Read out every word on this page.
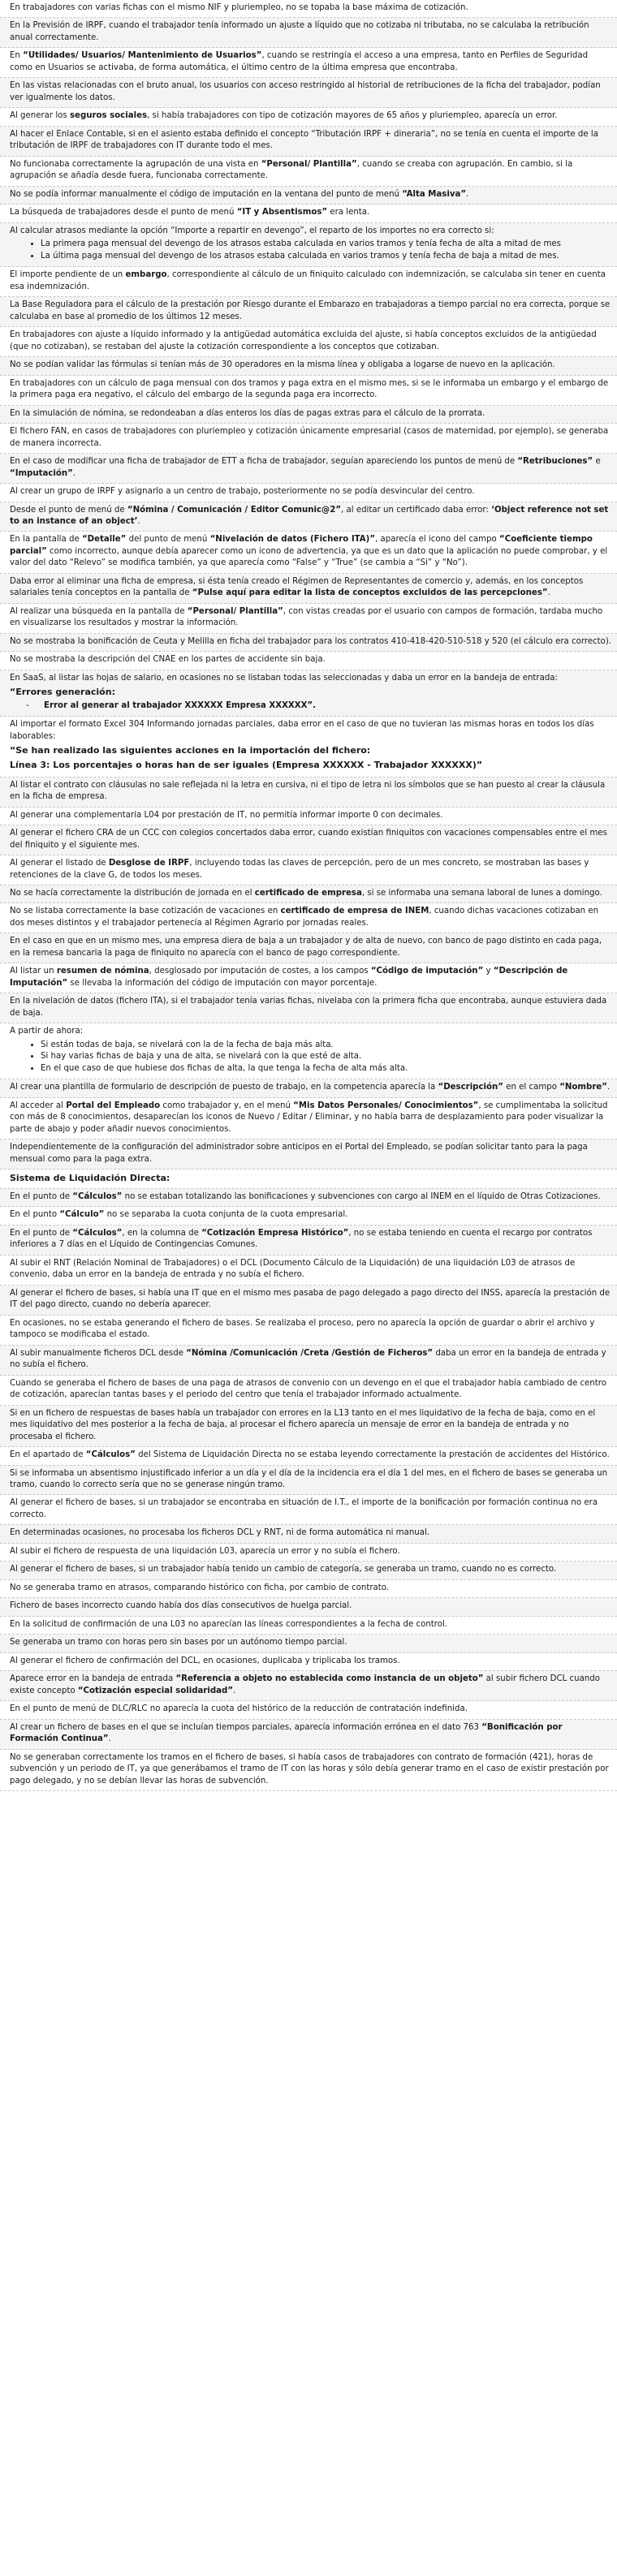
En trabajadores con varias fichas con el mismo NIF y pluriempleo, no se topaba la base máxima de cotización.

En la Previsión de IRPF, cuando el trabajador tenía informado un ajuste a líquido que no cotizaba ni tributaba, no se calculaba la retribución anual correctamente.

En “Utilidades/ Usuarios/ Mantenimiento de Usuarios”, cuando se restringía el acceso a una empresa, tanto en Perfiles de Seguridad como en Usuarios se activaba, de forma automática, el último centro de la última empresa que encontraba.

En las vistas relacionadas con el bruto anual, los usuarios con acceso restringido al historial de retribuciones de la ficha del trabajador, podían ver igualmente los datos.

Al generar los seguros sociales, si había trabajadores con tipo de cotización mayores de 65 años y pluriempleo, aparecía un error.

Al hacer el Enlace Contable, si en el asiento estaba definido el concepto “Tributación IRPF + dineraria”, no se tenía en cuenta el importe de la tributación de IRPF de trabajadores con IT durante todo el mes.

No funcionaba correctamente la agrupación de una vista en “Personal/ Plantilla”, cuando se creaba con agrupación. En cambio, si la agrupación se añadía desde fuera, funcionaba correctamente.

No se podía informar manualmente el código de imputación en la ventana del punto de menú “Alta Masiva”.

La búsqueda de trabajadores desde el punto de menú “IT y Absentismos” era lenta.

Al calcular atrasos mediante la opción “Importe a repartir en devengo”, el reparto de los importes no era correcto si:

• La primera paga mensual del devengo de los atrasos estaba calculada en varios tramos y tenía fecha de alta a mitad de mes
• La última paga mensual del devengo de los atrasos estaba calculada en varios tramos y tenía fecha de baja a mitad de mes.

El importe pendiente de un embargo, correspondiente al cálculo de un finiquito calculado con indemnización, se calculaba sin tener en cuenta esa indemnización.

La Base Reguladora para el cálculo de la prestación por Riesgo durante el Embarazo en trabajadoras a tiempo parcial no era correcta, porque se calculaba en base al promedio de los últimos 12 meses.

En trabajadores con ajuste a líquido informado y la antigüedad automática excluida del ajuste, si había conceptos excluidos de la antigüedad (que no cotizaban), se restaban del ajuste la cotización correspondiente a los conceptos que cotizaban.

No se podían validar las fórmulas si tenían más de 30 operadores en la misma línea y obligaba a logarse de nuevo en la aplicación.

En trabajadores con un cálculo de paga mensual con dos tramos y paga extra en el mismo mes, si se le informaba un embargo y el embargo de la primera paga era negativo, el cálculo del embargo de la segunda paga era incorrecto.

En la simulación de nómina, se redondeaban a días enteros los días de pagas extras para el cálculo de la prorrata.

El fichero FAN, en casos de trabajadores con pluriempleo y cotización únicamente empresarial (casos de maternidad, por ejemplo), se generaba de manera incorrecta.

En el caso de modificar una ficha de trabajador de ETT a ficha de trabajador, seguían apareciendo los puntos de menú de “Retribuciones” e “Imputación”.

Al crear un grupo de IRPF y asignarlo a un centro de trabajo, posteriormente no se podía desvincular del centro.

Desde el punto de menú de “Nómina / Comunicación / Editor Comunic@2”, al editar un certificado daba error: ‘Object reference not set to an instance of an object’.

En la pantalla de “Detalle” del punto de menú “Nivelación de datos (Fichero ITA)”, aparecía el icono del campo “Coeficiente tiempo parcial” como incorrecto, aunque debía aparecer como un icono de advertencia, ya que es un dato que la aplicación no puede comprobar, y el valor del dato “Relevo” se modifica también, ya que aparecía como “False” y “True” (se cambia a “Si” y “No”).

Daba error al eliminar una ficha de empresa, si ésta tenía creado el Régimen de Representantes de comercio y, además, en los conceptos salariales tenía conceptos en la pantalla de “Pulse aquí para editar la lista de conceptos excluidos de las percepciones”.

Al realizar una búsqueda en la pantalla de “Personal/ Plantilla”, con vistas creadas por el usuario con campos de formación, tardaba mucho en visualizarse los resultados y mostrar la información.

No se mostraba la bonificación de Ceuta y Melilla en ficha del trabajador para los contratos 410-418-420-510-518 y 520 (el cálculo era correcto).

No se mostraba la descripción del CNAE en los partes de accidente sin baja.

En SaaS, al listar las hojas de salario, en ocasiones no se listaban todas las seleccionadas y daba un error en la bandeja de entrada:

“Errores generación:

- Error al generar al trabajador XXXXXX Empresa XXXXXX”.

Al importar el formato Excel 304 Informando jornadas parciales, daba error en el caso de que no tuvieran las mismas horas en todos los días laborables:

“Se han realizado las siguientes acciones en la importación del fichero:

Línea 3: Los porcentajes o horas han de ser iguales (Empresa XXXXXX - Trabajador XXXXXX)”

Al listar el contrato con cláusulas no sale reflejada ni la letra en cursiva, ni el tipo de letra ni los símbolos que se han puesto al crear la cláusula en la ficha de empresa.

Al generar una complementaria L04 por prestación de IT, no permitía informar importe 0 con decimales.

Al generar el fichero CRA de un CCC con colegios concertados daba error, cuando existían finiquitos con vacaciones compensables entre el mes del finiquito y el siguiente mes.

Al generar el listado de Desglose de IRPF, incluyendo todas las claves de percepción, pero de un mes concreto, se mostraban las bases y retenciones de la clave G, de todos los meses.

No se hacía correctamente la distribución de jornada en el certificado de empresa, si se informaba una semana laboral de lunes a domingo.

No se listaba correctamente la base cotización de vacaciones en certificado de empresa de INEM, cuando dichas vacaciones cotizaban en dos meses distintos y el trabajador pertenecía al Régimen Agrario por jornadas reales.

En el caso en que en un mismo mes, una empresa diera de baja a un trabajador y de alta de nuevo, con banco de pago distinto en cada paga, en la remesa bancaria la paga de finiquito no aparecía con el banco de pago correspondiente.

Al listar un resumen de nómina, desglosado por imputación de costes, a los campos “Código de imputación” y “Descripción de Imputación” se llevaba la información del código de imputación con mayor porcentaje.

En la nivelación de datos (fichero ITA), si el trabajador tenía varias fichas, nivelaba con la primera ficha que encontraba, aunque estuviera dada de baja.

A partir de ahora:

• Si están todas de baja, se nivelará con la de la fecha de baja más alta.
• Si hay varias fichas de baja y una de alta, se nivelará con la que esté de alta.
• En el que caso de que hubiese dos fichas de alta, la que tenga la fecha de alta más alta.

Al crear una plantilla de formulario de descripción de puesto de trabajo, en la competencia aparecía la “Descripción” en el campo “Nombre”.

Al acceder al Portal del Empleado como trabajador y, en el menú “Mis Datos Personales/ Conocimientos”, se cumplimentaba la solicitud con más de 8 conocimientos, desaparecían los iconos de Nuevo / Editar / Eliminar, y no había barra de desplazamiento para poder visualizar la parte de abajo y poder añadir nuevos conocimientos.

Independientemente de la configuración del administrador sobre anticipos en el Portal del Empleado, se podían solicitar tanto para la paga mensual como para la paga extra.

Sistema de Liquidación Directa:

En el punto de “Cálculos” no se estaban totalizando las bonificaciones y subvenciones con cargo al INEM en el líquido de Otras Cotizaciones.

En el punto “Cálculo” no se separaba la cuota conjunta de la cuota empresarial.

En el punto de “Cálculos”, en la columna de “Cotización Empresa Histórico”, no se estaba teniendo en cuenta el recargo por contratos inferiores a 7 días en el Líquido de Contingencias Comunes.

Al subir el RNT (Relación Nominal de Trabajadores) o el DCL (Documento Cálculo de la Liquidación) de una liquidación L03 de atrasos de convenio, daba un error en la bandeja de entrada y no subía el fichero.

Al generar el fichero de bases, si había una IT que en el mismo mes pasaba de pago delegado a pago directo del INSS, aparecía la prestación de IT del pago directo, cuando no debería aparecer.

En ocasiones, no se estaba generando el fichero de bases. Se realizaba el proceso, pero no aparecía la opción de guardar o abrir el archivo y tampoco se modificaba el estado.

Al subir manualmente ficheros DCL desde “Nómina /Comunicación /Creta /Gestión de Ficheros” daba un error en la bandeja de entrada y no subía el fichero.

Cuando se generaba el fichero de bases de una paga de atrasos de convenio con un devengo en el que el trabajador había cambiado de centro de cotización, aparecían tantas bases y el periodo del centro que tenía el trabajador informado actualmente.

Si en un fichero de respuestas de bases había un trabajador con errores en la L13 tanto en el mes liquidativo de la fecha de baja, como en el mes liquidativo del mes posterior a la fecha de baja, al procesar el fichero aparecía un mensaje de error en la bandeja de entrada y no procesaba el fichero.

En el apartado de “Cálculos” del Sistema de Liquidación Directa no se estaba leyendo correctamente la prestación de accidentes del Histórico.

Si se informaba un absentismo injustificado inferior a un día y el día de la incidencia era el día 1 del mes, en el fichero de bases se generaba un tramo, cuando lo correcto sería que no se generase ningún tramo.

Al generar el fichero de bases, si un trabajador se encontraba en situación de I.T., el importe de la bonificación por formación continua no era correcto.

En determinadas ocasiones, no procesaba los ficheros DCL y RNT, ni de forma automática ni manual.

Al subir el fichero de respuesta de una liquidación L03, aparecía un error y no subía el fichero.

Al generar el fichero de bases, si un trabajador había tenido un cambio de categoría, se generaba un tramo, cuando no es correcto.

No se generaba tramo en atrasos, comparando histórico con ficha, por cambio de contrato.

Fichero de bases incorrecto cuando había dos días consecutivos de huelga parcial.

En la solicitud de confirmación de una L03 no aparecían las líneas correspondientes a la fecha de control.

Se generaba un tramo con horas pero sin bases por un autónomo tiempo parcial.

Al generar el fichero de confirmación del DCL, en ocasiones, duplicaba y triplicaba los tramos.

Aparece error en la bandeja de entrada “Referencia a objeto no establecida como instancia de un objeto” al subir fichero DCL cuando existe concepto “Cotización especial solidaridad”.

En el punto de menú de DLC/RLC no aparecía la cuota del histórico de la reducción de contratación indefinida.

Al crear un fichero de bases en el que se incluían tiempos parciales, aparecía información errónea en el dato 763 “Bonificación por Formación Continua”.

No se generaban correctamente los tramos en el fichero de bases, si había casos de trabajadores con contrato de formación (421), horas de subvención y un periodo de IT, ya que generábamos el tramo de IT con las horas y sólo debía generar tramo en el caso de existir prestación por pago delegado, y no se debían llevar las horas de subvención.
